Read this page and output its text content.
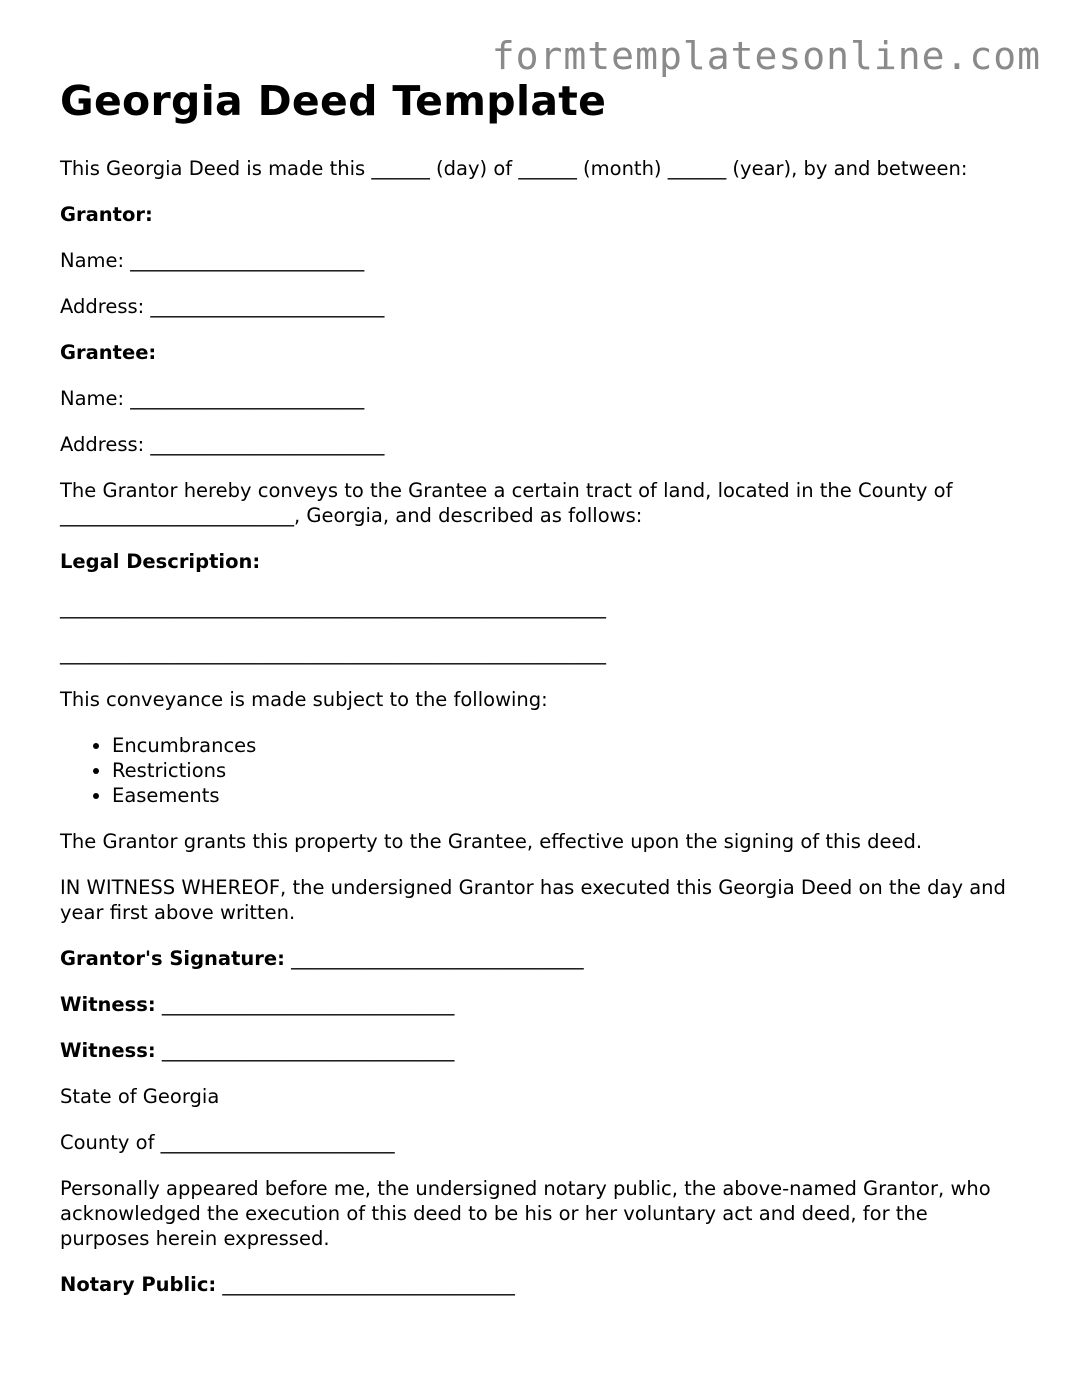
formtemplatesonline.com
Georgia Deed Template

This Georgia Deed is made this ______ (day) of ______ (month) ______ (year), by and between:

Grantor:

Name: ________________________

Address: ________________________

Grantee:

Name: ________________________

Address: ________________________

The Grantor hereby conveys to the Grantee a certain tract of land, located in the County of ________________________, Georgia, and described as follows:

Legal Description:

________________________________________________________
________________________________________________________

This conveyance is made subject to the following:

• Encumbrances
• Restrictions
• Easements

The Grantor grants this property to the Grantee, effective upon the signing of this deed.

IN WITNESS WHEREOF, the undersigned Grantor has executed this Georgia Deed on the day and year first above written.

Grantor's Signature: ______________________________

Witness: ______________________________

Witness: ______________________________

State of Georgia

County of ________________________

Personally appeared before me, the undersigned notary public, the above-named Grantor, who acknowledged the execution of this deed to be his or her voluntary act and deed, for the purposes herein expressed.

Notary Public: ______________________________
